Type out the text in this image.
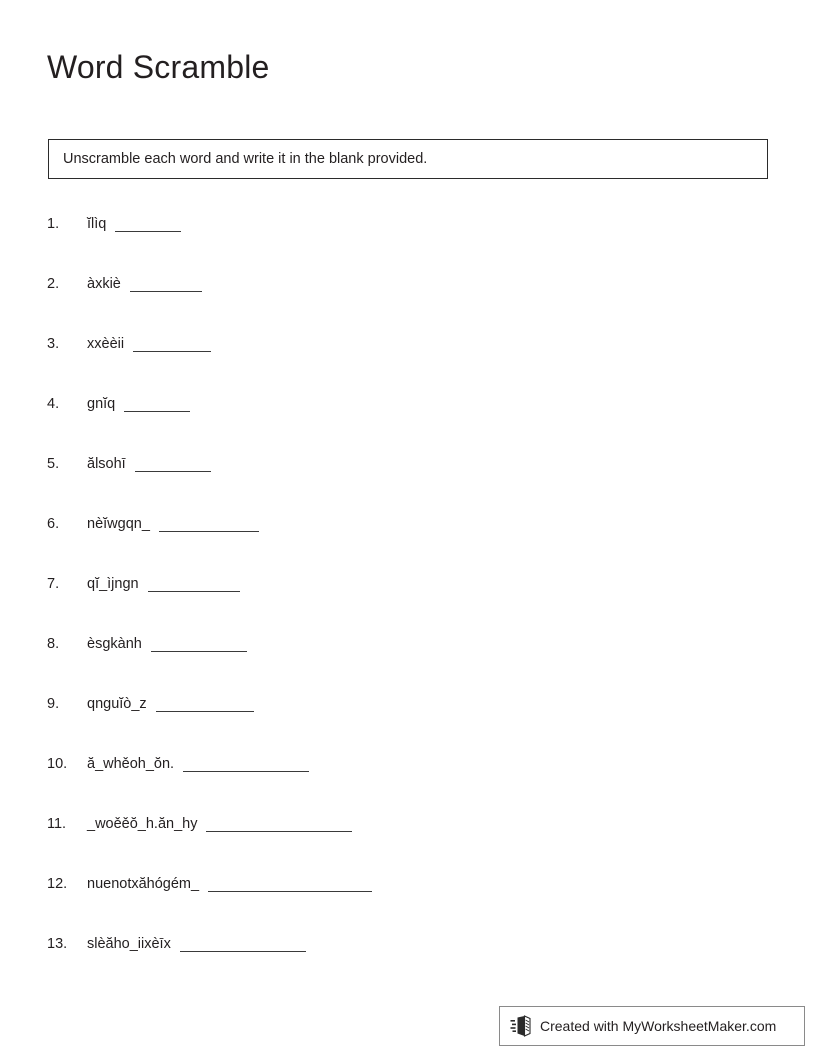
Word Scramble
Unscramble each word and write it in the blank provided.
1.	ĭlìq
2.	àxkiè
3.	xxèèii
4.	gnĭq
5.	ălsohī
6.	nèĭwgqn_
7.	qĭ_ìjngn
8.	èsgkành
9.	qnguĭò_z
10.	ă_whěoh_ŏn.
11.	_woěěŏ_h.ăn_hy
12.	nuenotxăhógém_
13.	slèăho_iixèīx
Created with MyWorksheetMaker.com
